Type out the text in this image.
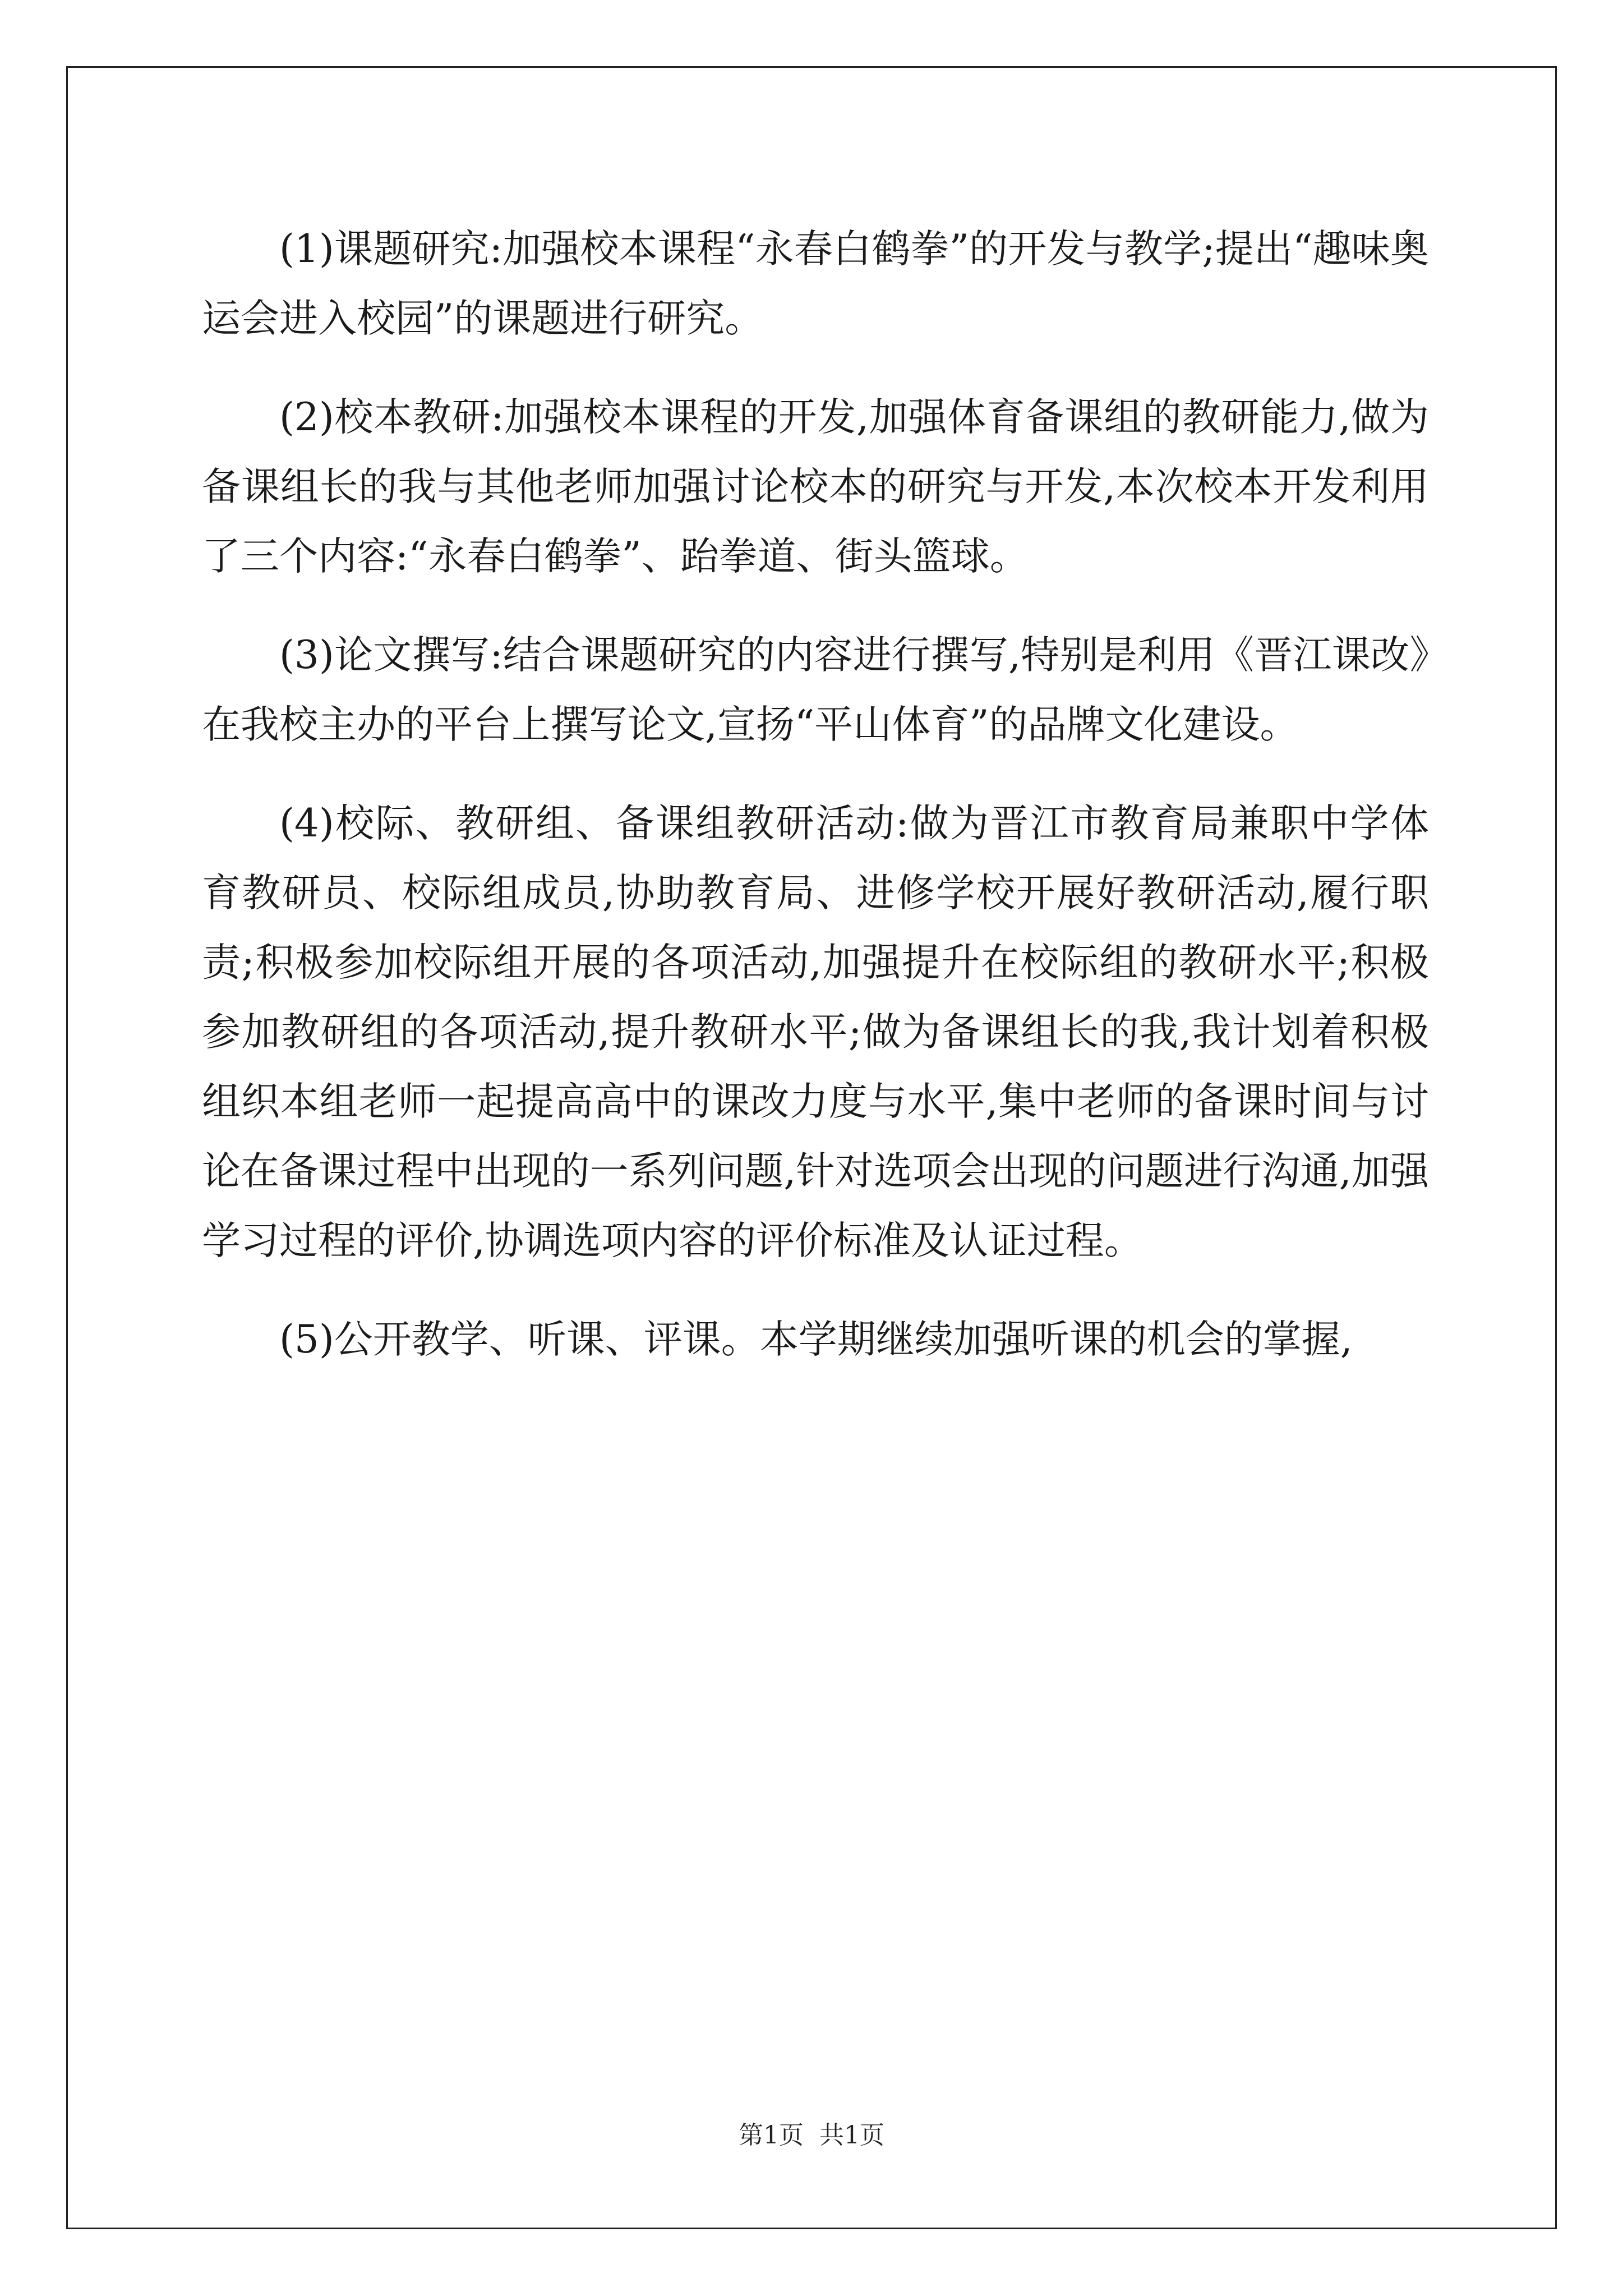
(1)课题研究:加强校本课程“永春白鹤拳”的开发与教学;提出“趣味奥运会进入校园”的课题进行研究。

(2)校本教研:加强校本课程的开发,加强体育备课组的教研能力,做为备课组长的我与其他老师加强讨论校本的研究与开发,本次校本开发利用了三个内容:“永春白鹤拳”、跆拳道、街头篮球。

(3)论文撰写:结合课题研究的内容进行撰写,特别是利用《晋江课改》在我校主办的平台上撰写论文,宣扬“平山体育”的品牌文化建设。

(4)校际、教研组、备课组教研活动:做为晋江市教育局兼职中学体育教研员、校际组成员,协助教育局、进修学校开展好教研活动,履行职责;积极参加校际组开展的各项活动,加强提升在校际组的教研水平;积极参加教研组的各项活动,提升教研水平;做为备课组长的我,我计划着积极组织本组老师一起提高高中的课改力度与水平,集中老师的备课时间与讨论在备课过程中出现的一系列问题,针对选项会出现的问题进行沟通,加强学习过程的评价,协调选项内容的评价标准及认证过程。

(5)公开教学、听课、评课。本学期继续加强听课的机会的掌握,

第1页  共1页
